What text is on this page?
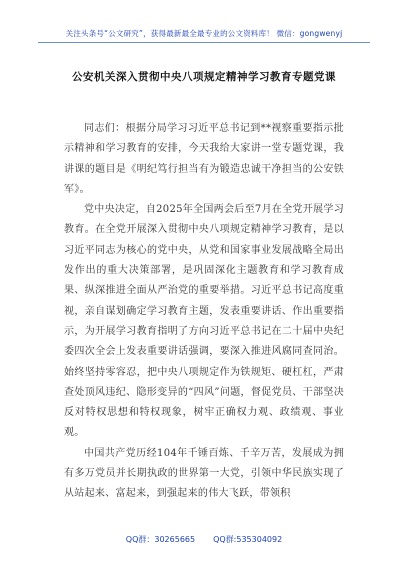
关注头条号“公文研究”，获得最新最全最专业的公文资料库！ 微信：gongwenyj
公安机关深入贯彻中央八项规定精神学习教育专题党课

同志们：根据分局学习习近平总书记到**视察重要指示批示精神和学习教育的安排，今天我给大家讲一堂专题党课，我讲课的题目是《明纪笃行担当有为锻造忠诚干净担当的公安铁军》。

党中央决定，自2025年全国两会后至7月在全党开展学习教育。在全党开展深入贯彻中央八项规定精神学习教育，是以习近平同志为核心的党中央，从党和国家事业发展战略全局出发作出的重大决策部署，是巩固深化主题教育和学习教育成果、纵深推进全面从严治党的重要举措。习近平总书记高度重视，亲自谋划确定学习教育主题，发表重要讲话、作出重要指示，为开展学习教育指明了方向习近平总书记在二十届中央纪委四次全会上发表重要讲话强调，要深入推进风腐同查同治。始终坚持零容忍，把中央八项规定作为铁规矩、硬杠杠，严肃查处顶风违纪、隐形变异的“四风”问题，督促党员、干部坚决反对特权思想和特权现象，树牢正确权力观、政绩观、事业观。

中国共产党历经104年千锤百炼、千辛万苦，发展成为拥有多万党员并长期执政的世界第一大党，引领中华民族实现了从站起来、富起来，到强起来的伟大飞跃，带领积

QQ群：30265665 QQ群:535304092
